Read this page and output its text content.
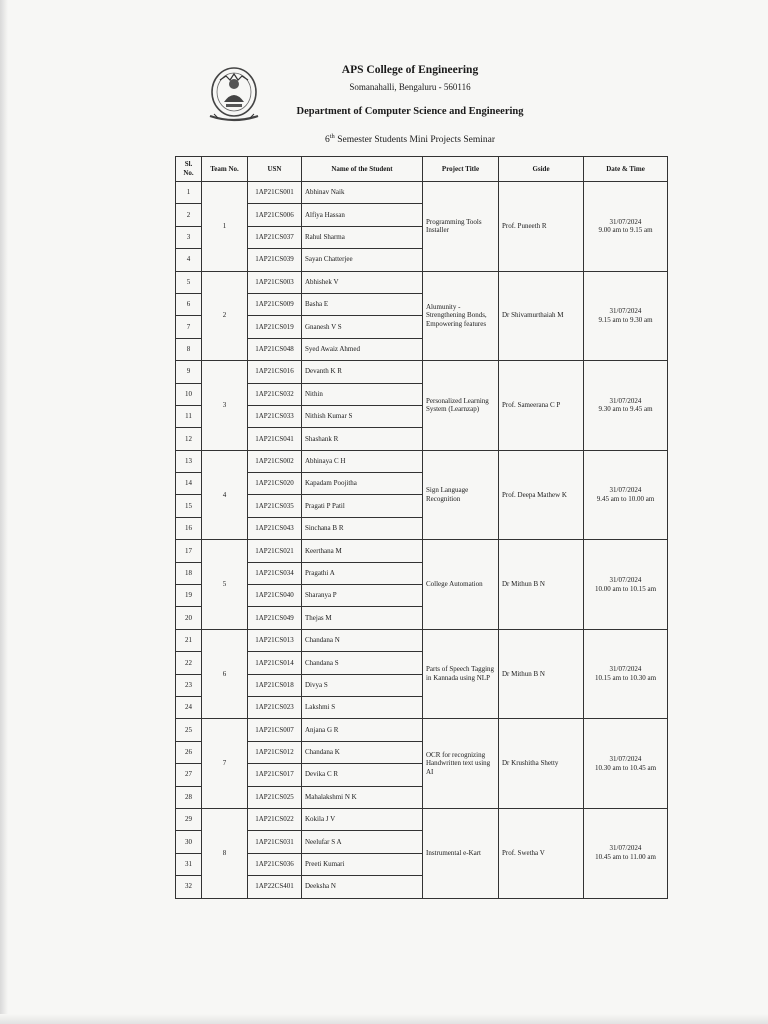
APS College of Engineering
Somanahalli, Bengaluru - 560116
Department of Computer Science and Engineering
6th Semester Students Mini Projects Seminar
Sl. No.	Team No.	USN	Name of the Student	Project Title	Gside	Date & Time
1	1	1AP21CS001	Abhinav Naik	Programming Tools Installer	Prof. Puneeth R	31/07/2024
9.00 am to 9.15 am

2		1AP21CS006	Alfiya Hassan			
3		1AP21CS037	Rahul Sharma			
4		1AP21CS039	Sayan Chatterjee			
5	2	1AP21CS003	Abhishek V	Alumunity - Strengthening Bonds, Empowering features	Dr Shivamurthaiah M	31/07/2024
9.15 am to 9.30 am

6		1AP21CS009	Basha E			
7		1AP21CS019	Gnanesh V S			
8		1AP21CS048	Syed Awaiz Ahmed			
9	3	1AP21CS016	Devanth K R	Personalized Learning System (Learnzap)	Prof. Sameerana C P	31/07/2024
9.30 am to 9.45 am

10		1AP21CS032	Nithin			
11		1AP21CS033	Nithish Kumar S			
12		1AP21CS041	Shashank R			
13	4	1AP21CS002	Abhinaya C H	Sign Language Recognition	Prof. Deepa Mathew K	31/07/2024
9.45 am to 10.00 am

14		1AP21CS020	Kapadam Poojitha			
15		1AP21CS035	Pragati P Patil			
16		1AP21CS043	Sinchana B R			
17	5	1AP21CS021	Keerthana M	College Automation	Dr Mithun B N	31/07/2024
10.00 am to 10.15 am

18		1AP21CS034	Pragathi A			
19		1AP21CS040	Sharanya P			
20		1AP21CS049	Thejas M			
21	6	1AP21CS013	Chandana N	Parts of Speech Tagging in Kannada using NLP	Dr Mithun B N	31/07/2024
10.15 am to 10.30 am

22		1AP21CS014	Chandana S			
23		1AP21CS018	Divya S			
24		1AP21CS023	Lakshmi S			
25	7	1AP21CS007	Anjana G R	OCR for recognizing Handwritten text using AI	Dr Krushitha Shetty	31/07/2024
10.30 am to 10.45 am

26		1AP21CS012	Chandana K			
27		1AP21CS017	Devika C R			
28		1AP21CS025	Mahalakshmi N K			
29	8	1AP21CS022	Kokila J V	Instrumental e-Kart	Prof. Swetha V	31/07/2024
10.45 am to 11.00 am

30		1AP21CS031	Neelufar S A			
31		1AP21CS036	Preeti Kumari			
32		1AP22CS401	Deeksha N			
